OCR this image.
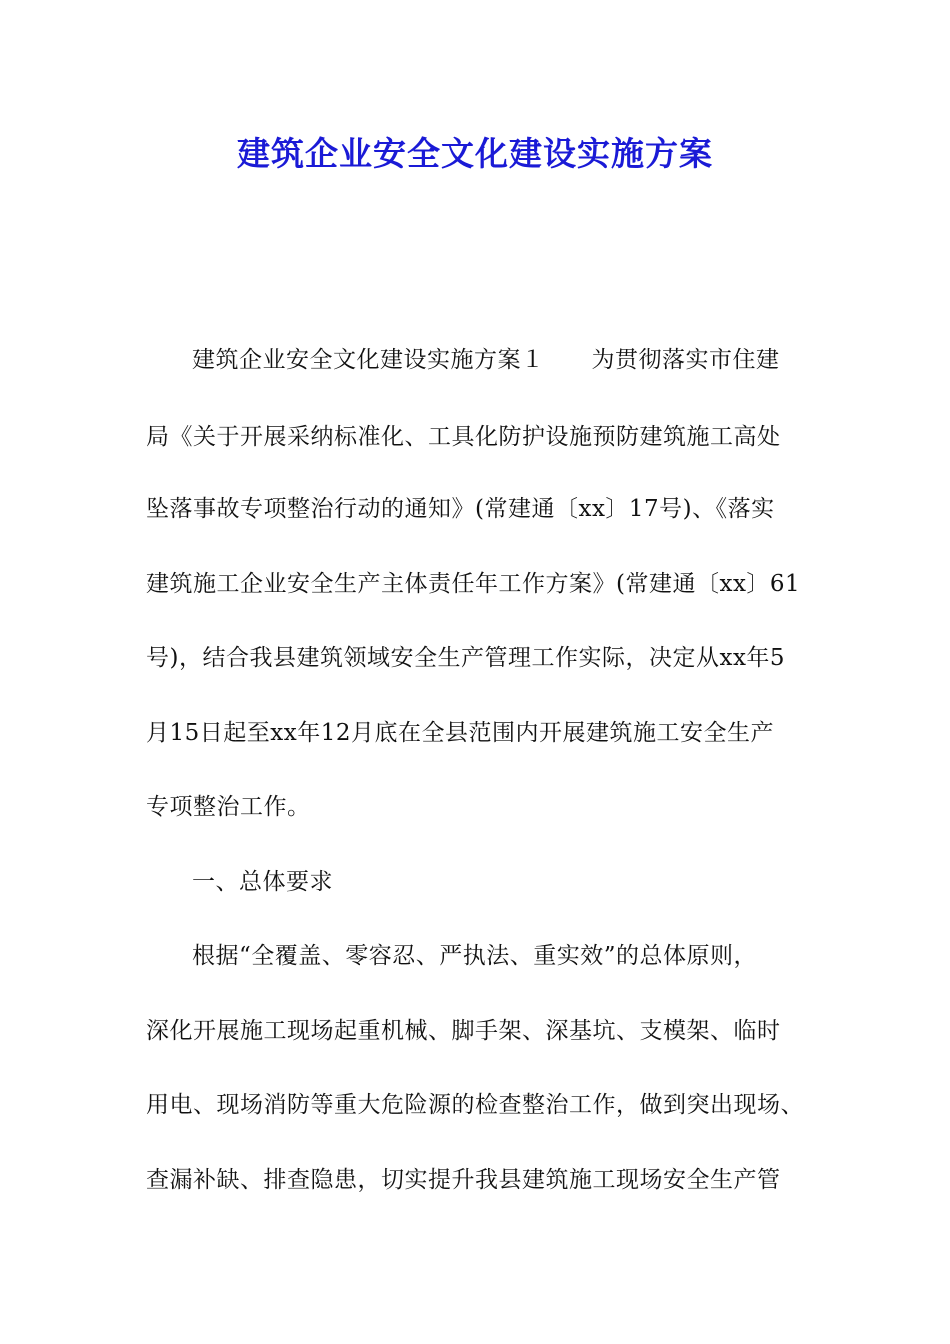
建筑企业安全文化建设实施方案
建筑企业安全文化建设实施方案１　　为贯彻落实市住建
局《关于开展采纳标准化、工具化防护设施预防建筑施工高处
坠落事故专项整治行动的通知》(常建通〔xx〕17号)、《落实
建筑施工企业安全生产主体责任年工作方案》(常建通〔xx〕61
号)，结合我县建筑领域安全生产管理工作实际，决定从xx年5
月15日起至xx年12月底在全县范围内开展建筑施工安全生产
专项整治工作。
一、总体要求
根据“全覆盖、零容忍、严执法、重实效”的总体原则，
深化开展施工现场起重机械、脚手架、深基坑、支模架、临时
用电、现场消防等重大危险源的检查整治工作，做到突出现场、
查漏补缺、排查隐患，切实提升我县建筑施工现场安全生产管
